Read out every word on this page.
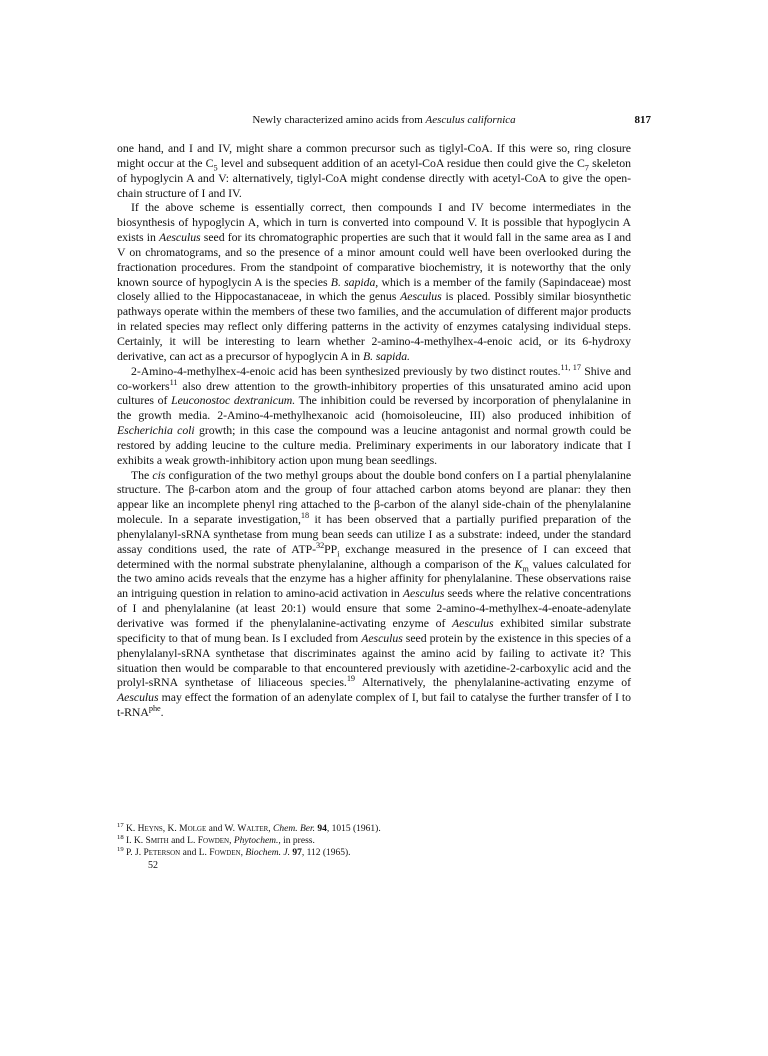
Newly characterized amino acids from Aesculus californica	817

one hand, and I and IV, might share a common precursor such as tiglyl-CoA. If this were so, ring closure might occur at the $C_5$ level and subsequent addition of an acetyl-CoA residue then could give the $C_7$ skeleton of hypoglycin A and V: alternatively, tiglyl-CoA might condense directly with acetyl-CoA to give the open-chain structure of I and IV.

If the above scheme is essentially correct, then compounds I and IV become intermediates in the biosynthesis of hypoglycin A, which in turn is converted into compound V. It is possible that hypoglycin A exists in Aesculus seed for its chromatographic properties are such that it would fall in the same area as I and V on chromatograms, and so the presence of a minor amount could well have been overlooked during the fractionation procedures. From the standpoint of comparative biochemistry, it is noteworthy that the only known source of hypoglycin A is the species B. sapida, which is a member of the family (Sapindaceae) most closely allied to the Hippocastanaceae, in which the genus Aesculus is placed. Possibly similar biosynthetic pathways operate within the members of these two families, and the accumulation of different major products in related species may reflect only differing patterns in the activity of enzymes catalysing individual steps. Certainly, it will be interesting to learn whether 2-amino-4-methylhex-4-enoic acid, or its 6-hydroxy derivative, can act as a precursor of hypoglycin A in B. sapida.

2-Amino-4-methylhex-4-enoic acid has been synthesized previously by two distinct routes.$^{11, 17}$ Shive and co-workers$^{11}$ also drew attention to the growth-inhibitory properties of this unsaturated amino acid upon cultures of Leuconostoc dextranicum. The inhibition could be reversed by incorporation of phenylalanine in the growth media. 2-Amino-4-methylhexanoic acid (homoisoleucine, III) also produced inhibition of Escherichia coli growth; in this case the compound was a leucine antagonist and normal growth could be restored by adding leucine to the culture media. Preliminary experiments in our laboratory indicate that I exhibits a weak growth-inhibitory action upon mung bean seedlings.

The cis configuration of the two methyl groups about the double bond confers on I a partial phenylalanine structure. The β-carbon atom and the group of four attached carbon atoms beyond are planar: they then appear like an incomplete phenyl ring attached to the β-carbon of the alanyl side-chain of the phenylalanine molecule. In a separate investigation,$^{18}$ it has been observed that a partially purified preparation of the phenylalanyl-sRNA synthetase from mung bean seeds can utilize I as a substrate: indeed, under the standard assay conditions used, the rate of ATP-$^{32}PP_i$ exchange measured in the presence of I can exceed that determined with the normal substrate phenylalanine, although a comparison of the $K_m$ values calculated for the two amino acids reveals that the enzyme has a higher affinity for phenylalanine. These observations raise an intriguing question in relation to amino-acid activation in Aesculus seeds where the relative concentrations of I and phenylalanine (at least 20:1) would ensure that some 2-amino-4-methylhex-4-enoate-adenylate derivative was formed if the phenylalanine-activating enzyme of Aesculus exhibited similar substrate specificity to that of mung bean. Is I excluded from Aesculus seed protein by the existence in this species of a phenylalanyl-sRNA synthetase that discriminates against the amino acid by failing to activate it? This situation then would be comparable to that encountered previously with azetidine-2-carboxylic acid and the prolyl-sRNA synthetase of liliaceous species.$^{19}$ Alternatively, the phenylalanine-activating enzyme of Aesculus may effect the formation of an adenylate complex of I, but fail to catalyse the further transfer of I to $t-RNA^{phe}$.

$^{17}$ K. Heyns, K. Molge and W. Walter, Chem. Ber. 94, 1015 (1961).

$^{18}$ I. K. Smith and L. Fowden, Phytochem., in press.

$^{19}$ P. J. Peterson and L. Fowden, Biochem. J. 97, 112 (1965).

52
